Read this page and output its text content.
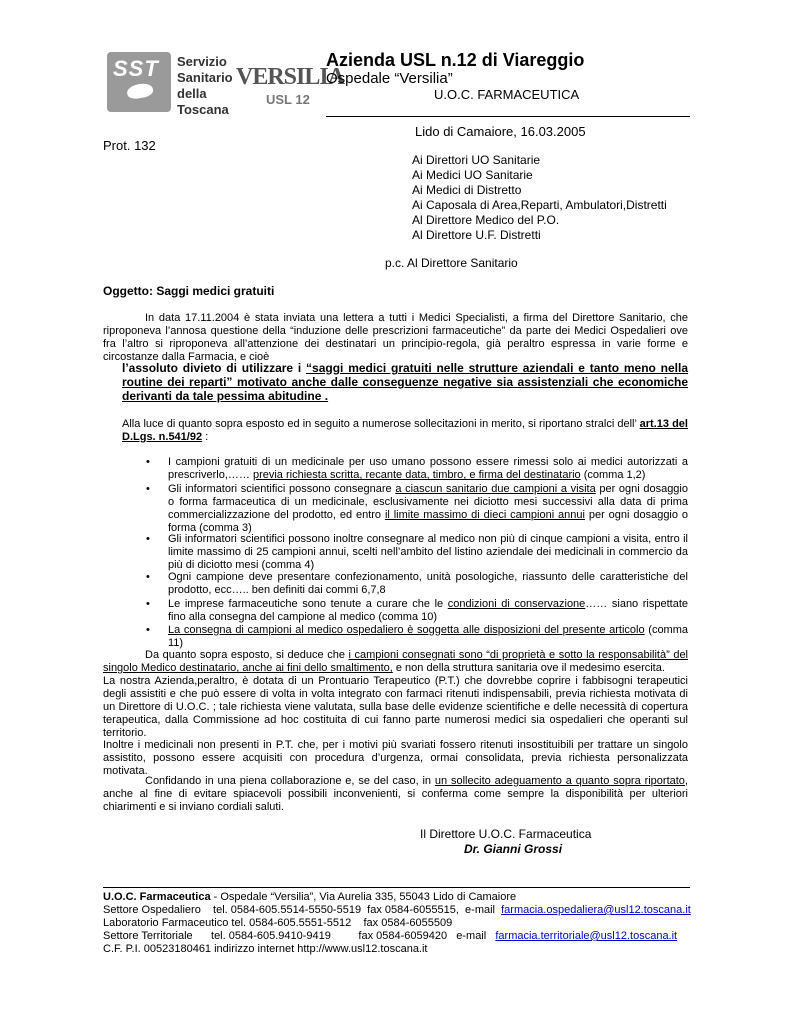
SST Servizio
Sanitario
della
Toscana
VERSILIA
USL 12
Azienda USL n.12 di Viareggio
Ospedale “Versilia”
U.O.C. FARMACEUTICA
Lido di Camaiore, 16.03.2005
Prot. 132
Ai Direttori UO Sanitarie
Ai Medici UO Sanitarie
Ai Medici di Distretto
Ai Caposala di Area,Reparti, Ambulatori,Distretti
Al Direttore Medico del P.O.
Al Direttore U.F. Distretti
p.c. Al Direttore Sanitario
Oggetto: Saggi medici gratuiti
In data 17.11.2004 è stata inviata una lettera a tutti i Medici Specialisti, a firma del Direttore Sanitario, che riproponeva l’annosa questione della “induzione delle prescrizioni farmaceutiche” da parte dei Medici Ospedalieri ove fra l’altro si riproponeva all’attenzione dei destinatari un principio-regola, già peraltro espressa in varie forme e circostanze dalla Farmacia, e cioè
l’assoluto divieto di utilizzare i “saggi medici gratuiti nelle strutture aziendali e tanto meno nella routine dei reparti” motivato anche dalle conseguenze negative sia assistenziali che economiche derivanti da tale pessima abitudine .
Alla luce di quanto sopra esposto ed in seguito a numerose sollecitazioni in merito, si riportano stralci dell’ art.13 del D.Lgs. n.541/92 :
• I campioni gratuiti di un medicinale per uso umano possono essere rimessi solo ai medici autorizzati a prescriverlo,…… previa richiesta scritta, recante data, timbro, e firma del destinatario (comma 1,2)
• Gli informatori scientifici possono consegnare a ciascun sanitario due campioni a visita per ogni dosaggio o forma farmaceutica di un medicinale, esclusivamente nei diciotto mesi successivi alla data di prima commercializzazione del prodotto, ed entro il limite massimo di dieci campioni annui per ogni dosaggio o forma (comma 3)
• Gli informatori scientifici possono inoltre consegnare al medico non più di cinque campioni a visita, entro il limite massimo di 25 campioni annui, scelti nell’ambito del listino aziendale dei medicinali in commercio da più di diciotto mesi (comma 4)
• Ogni campione deve presentare confezionamento, unità posologiche, riassunto delle caratteristiche del prodotto, ecc….. ben definiti dai commi 6,7,8
• Le imprese farmaceutiche sono tenute a curare che le condizioni di conservazione…… siano rispettate fino alla consegna del campione al medico (comma 10)
• La consegna di campioni al medico ospedaliero è soggetta alle disposizioni del presente articolo (comma 11)
Da quanto sopra esposto, si deduce che i campioni consegnati sono “di proprietà e sotto la responsabilità” del singolo Medico destinatario, anche ai fini dello smaltimento, e non della struttura sanitaria ove il medesimo esercita.
La nostra Azienda,peraltro, è dotata di un Prontuario Terapeutico (P.T.) che dovrebbe coprire i fabbisogni terapeutici degli assistiti e che può essere di volta in volta integrato con farmaci ritenuti indispensabili, previa richiesta motivata di un Direttore di U.O.C. ; tale richiesta viene valutata, sulla base delle evidenze scientifiche e delle necessità di copertura terapeutica, dalla Commissione ad hoc costituita di cui fanno parte numerosi medici sia ospedalieri che operanti sul territorio.
Inoltre i medicinali non presenti in P.T. che, per i motivi più svariati fossero ritenuti insostituibili per trattare un singolo assistito, possono essere acquisiti con procedura d’urgenza, ormai consolidata, previa richiesta personalizzata motivata.
Confidando in una piena collaborazione e, se del caso, in un sollecito adeguamento a quanto sopra riportato, anche al fine di evitare spiacevoli possibili inconvenienti, si conferma come sempre la disponibilità per ulteriori chiarimenti e si inviano cordiali saluti.
Il Direttore U.O.C. Farmaceutica
Dr. Gianni Grossi
U.O.C. Farmaceutica - Ospedale “Versilia”, Via Aurelia 335, 55043 Lido di Camaiore
Settore Ospedaliero    tel. 0584-605.5514-5550-5519  fax 0584-6055515,  e-mail  farmacia.ospedaliera@usl12.toscana.it
Laboratorio Farmaceutico tel. 0584-605.5551-5512    fax 0584-6055509
Settore Territoriale      tel. 0584-605.9410-9419         fax 0584-6059420   e-mail   farmacia.territoriale@usl12.toscana.it
C.F. P.I. 00523180461 indirizzo internet http://www.usl12.toscana.it
